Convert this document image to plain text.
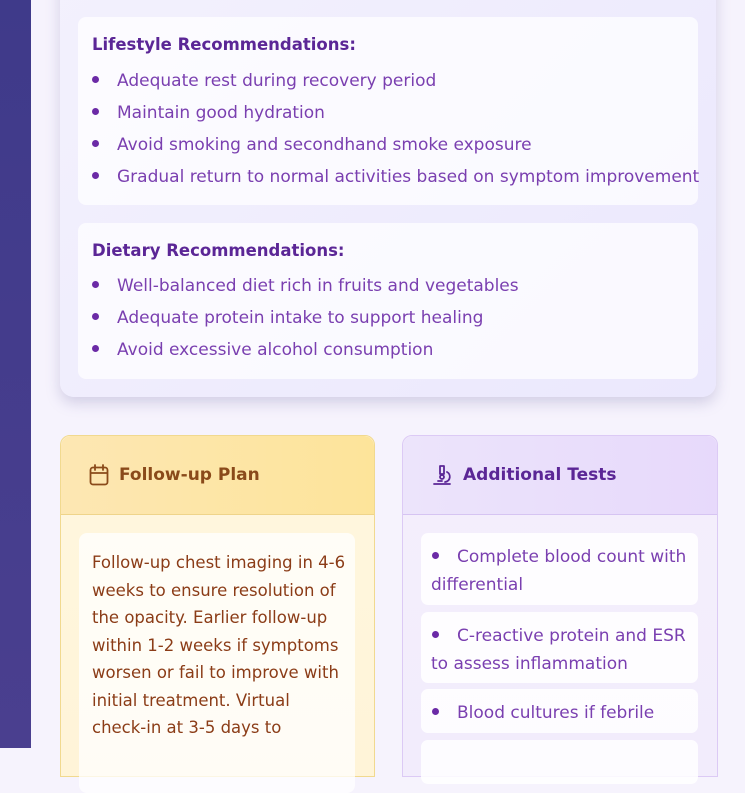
Lifestyle Recommendations:
Adequate rest during recovery period
Maintain good hydration
Avoid smoking and secondhand smoke exposure
Gradual return to normal activities based on symptom improvement
Dietary Recommendations:
Well-balanced diet rich in fruits and vegetables
Adequate protein intake to support healing
Avoid excessive alcohol consumption
Follow-up Plan
Follow-up chest imaging in 4-6 weeks to ensure resolution of the opacity. Earlier follow-up within 1-2 weeks if symptoms worsen or fail to improve with initial treatment. Virtual check-in at 3-5 days to
Additional Tests
Complete blood count with differential
C-reactive protein and ESR to assess inflammation
Blood cultures if febrile
